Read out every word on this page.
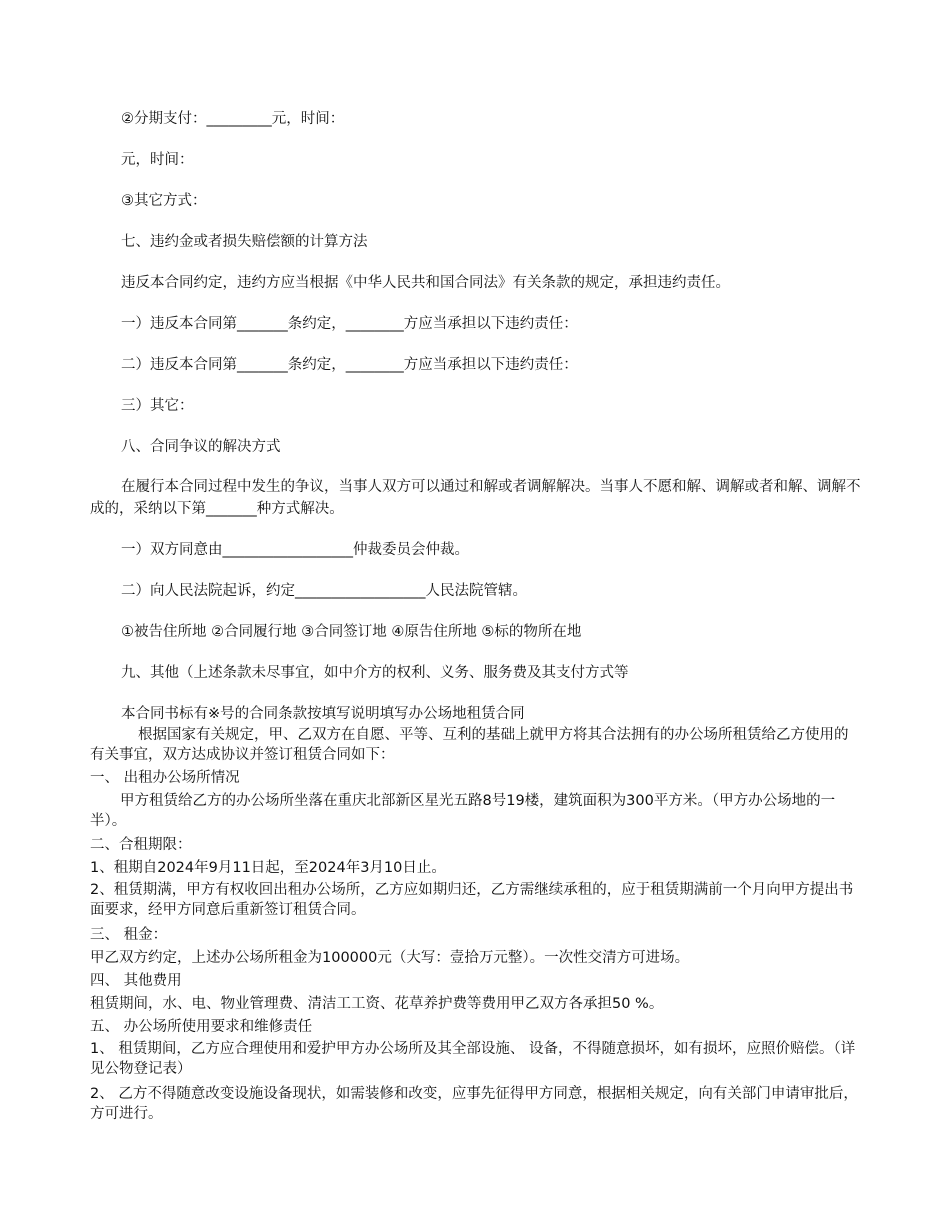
②分期支付：_________元，时间：
元，时间：
③其它方式：
七、违约金或者损失赔偿额的计算方法
违反本合同约定，违约方应当根据《中华人民共和国合同法》有关条款的规定，承担违约责任。
一）违反本合同第_______条约定，________方应当承担以下违约责任：
二）违反本合同第_______条约定，________方应当承担以下违约责任：
三）其它：
八、合同争议的解决方式
在履行本合同过程中发生的争议，当事人双方可以通过和解或者调解解决。当事人不愿和解、调解或者和解、调解不成的，采纳以下第_______种方式解决。
一）双方同意由__________________仲裁委员会仲裁。
二）向人民法院起诉，约定__________________人民法院管辖。
①被告住所地 ②合同履行地 ③合同签订地 ④原告住所地 ⑤标的物所在地
九、其他（上述条款未尽事宜，如中介方的权利、义务、服务费及其支付方式等
本合同书标有※号的合同条款按填写说明填写办公场地租赁合同
根据国家有关规定，甲、乙双方在自愿、平等、互利的基础上就甲方将其合法拥有的办公场所租赁给乙方使用的有关事宜，双方达成协议并签订租赁合同如下：
一、 出租办公场所情况
甲方租赁给乙方的办公场所坐落在重庆北部新区星光五路8号19楼，建筑面积为300平方米。（甲方办公场地的一半）。
二、合租期限：
1、租期自2024年9月11日起，至2024年3月10日止。
2、租赁期满，甲方有权收回出租办公场所，乙方应如期归还，乙方需继续承租的，应于租赁期满前一个月向甲方提出书面要求，经甲方同意后重新签订租赁合同。
三、 租金：
甲乙双方约定，上述办公场所租金为100000元（大写：壹拾万元整）。一次性交清方可进场。
四、 其他费用
租赁期间，水、电、物业管理费、清洁工工资、花草养护费等费用甲乙双方各承担50 %。
五、 办公场所使用要求和维修责任
1、 租赁期间，乙方应合理使用和爱护甲方办公场所及其全部设施、 设备，不得随意损坏，如有损坏，应照价赔偿。（详见公物登记表）
2、 乙方不得随意改变设施设备现状，如需装修和改变，应事先征得甲方同意，根据相关规定，向有关部门申请审批后，方可进行。
